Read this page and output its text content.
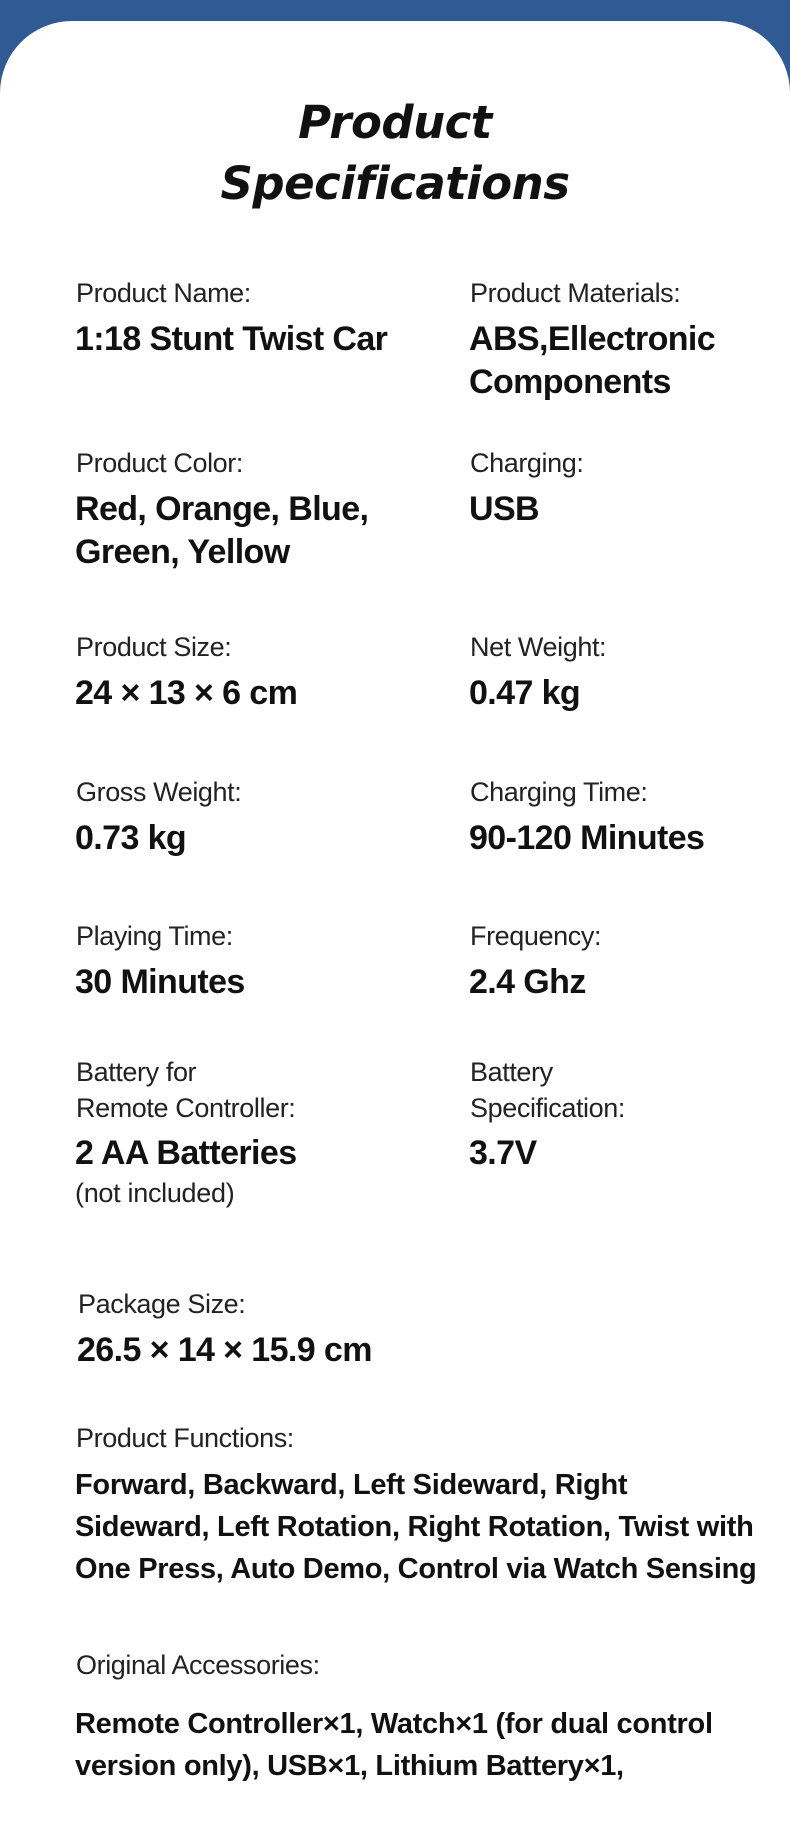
Product
Specifications
Product Name:
1:18 Stunt Twist Car
Product Materials:
ABS,Ellectronic
Components
Product Color:
Red, Orange, Blue,
Green, Yellow
Charging:
USB
Product Size:
24 × 13 × 6 cm
Net Weight:
0.47 kg
Gross Weight:
0.73 kg
Charging Time:
90-120 Minutes
Playing Time:
30 Minutes
Frequency:
2.4 Ghz
Battery for
Remote Controller:
2 AA Batteries
(not included)
Battery
Specification:
3.7V
Package Size:
26.5 × 14 × 15.9 cm
Product Functions:
Forward, Backward, Left Sideward, Right
Sideward, Left Rotation, Right Rotation, Twist with
One Press, Auto Demo, Control via Watch Sensing
Original Accessories:
Remote Controller×1, Watch×1 (for dual control
version only), USB×1, Lithium Battery×1,
